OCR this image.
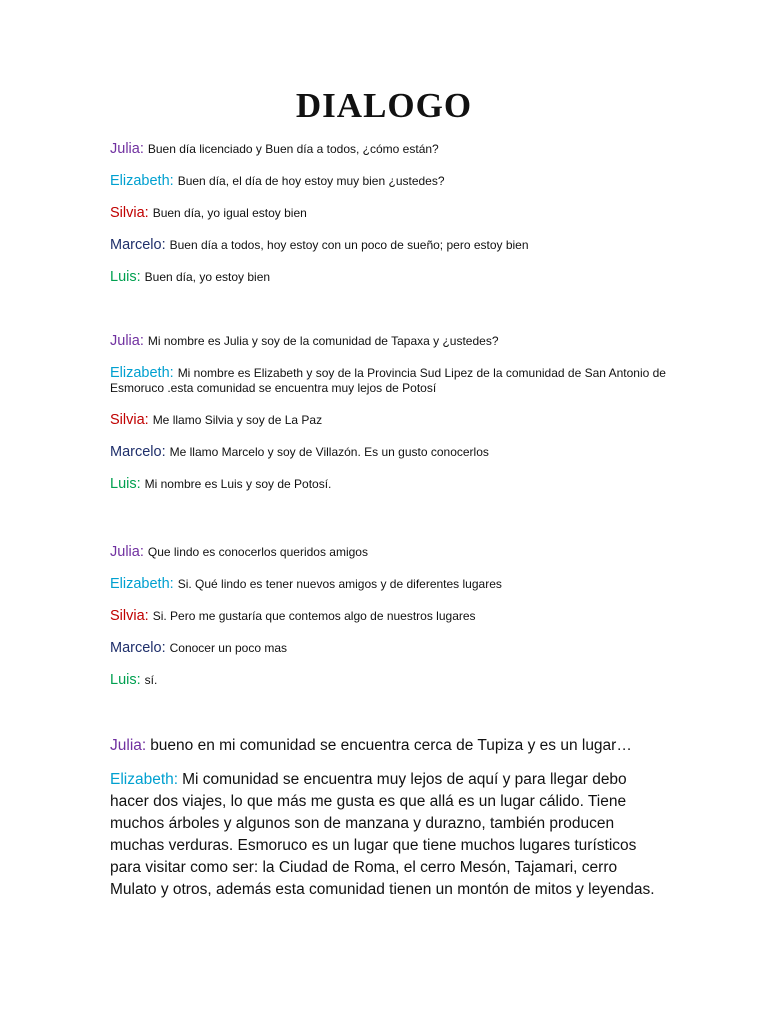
DIALOGO

Julia: Buen día licenciado y Buen día a todos, ¿cómo están?

Elizabeth: Buen día, el día de hoy estoy muy bien ¿ustedes?

Silvia: Buen día, yo igual estoy bien

Marcelo: Buen día a todos, hoy estoy con un poco de sueño; pero estoy bien

Luis: Buen día, yo estoy bien

Julia: Mi nombre es Julia y soy de la comunidad de Tapaxa y ¿ustedes?

Elizabeth: Mi nombre es Elizabeth y soy de la Provincia Sud Lipez de la comunidad de San Antonio de Esmoruco .esta comunidad se encuentra muy lejos de Potosí

Silvia: Me llamo Silvia y soy de La Paz

Marcelo: Me llamo Marcelo y soy de Villazón. Es un gusto conocerlos

Luis: Mi nombre es Luis y soy de Potosí.

Julia: Que lindo es conocerlos queridos amigos

Elizabeth: Si. Qué lindo es tener nuevos amigos y de diferentes lugares

Silvia: Si. Pero me gustaría que contemos algo de nuestros lugares

Marcelo: Conocer un poco mas

Luis: sí.

Julia: bueno en mi comunidad se encuentra cerca de Tupiza y es un lugar…

Elizabeth: Mi comunidad se encuentra muy lejos de aquí y para llegar debo hacer dos viajes, lo que más me gusta es que allá es un lugar cálido. Tiene muchos árboles y algunos son de manzana y durazno, también producen muchas verduras. Esmoruco es un lugar que tiene muchos lugares turísticos para visitar como ser: la Ciudad de Roma, el cerro Mesón, Tajamari, cerro Mulato y otros, además esta comunidad tienen un montón de mitos y leyendas.
